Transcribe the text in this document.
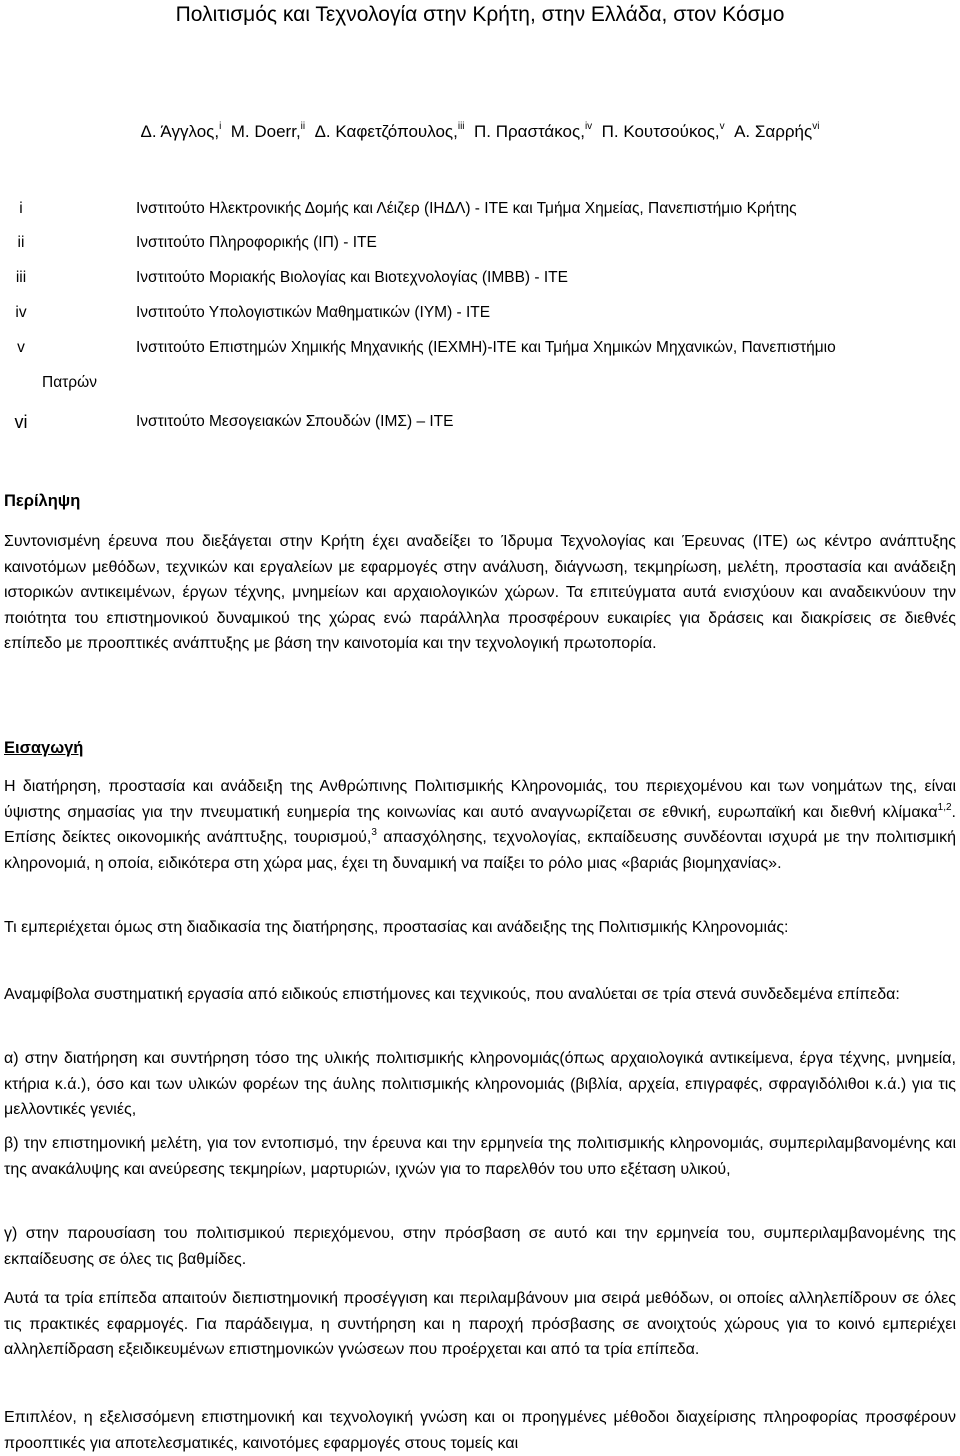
Πολιτισμός και Τεχνολογία στην Κρήτη, στην Ελλάδα, στον Κόσμο
Δ. Άγγλος,$^i$ Μ. Doerr,$^{ii}$ Δ. Καφετζόπουλος,$^{iii}$ Π. Πραστάκος,$^{iv}$ Π. Κουτσούκος,$^v$ Α. Σαρρής$^{vi}$
i	Ινστιτούτο Ηλεκτρονικής Δομής και Λέιζερ (ΙΗΔΛ) - ΙΤΕ και Τμήμα Χημείας, Πανεπιστήμιο Κρήτης
ii	Ινστιτούτο Πληροφορικής (ΙΠ) - ΙΤΕ
iii	Ινστιτούτο Μοριακής Βιολογίας και Βιοτεχνολογίας (ΙΜΒΒ) - ΙΤΕ
iv	Ινστιτούτο Υπολογιστικών Μαθηματικών (ΙΥΜ) - ΙΤΕ
v	Ινστιτούτο Επιστημών Χημικής Μηχανικής (ΙΕΧΜΗ)-ΙΤΕ και Τμήμα Χημικών Μηχανικών, Πανεπιστήμιο
Πατρών
vi	Ινστιτούτο Μεσογειακών Σπουδών (ΙΜΣ) – ΙΤΕ
Περίληψη
Συντονισμένη έρευνα που διεξάγεται στην Κρήτη έχει αναδείξει το Ίδρυμα Τεχνολογίας και Έρευνας (ΙΤΕ) ως κέντρο ανάπτυξης καινοτόμων μεθόδων, τεχνικών και εργαλείων με εφαρμογές στην ανάλυση, διάγνωση, τεκμηρίωση, μελέτη, προστασία και ανάδειξη ιστορικών αντικειμένων, έργων τέχνης, μνημείων και αρχαιολογικών χώρων. Τα επιτεύγματα αυτά ενισχύουν και αναδεικνύουν την ποιότητα του επιστημονικού δυναμικού της χώρας ενώ παράλληλα προσφέρουν ευκαιρίες για δράσεις και διακρίσεις σε διεθνές επίπεδο με προοπτικές ανάπτυξης με βάση την καινοτομία και την τεχνολογική πρωτοπορία.
Εισαγωγή
Η διατήρηση, προστασία και ανάδειξη της Ανθρώπινης Πολιτισμικής Κληρονομιάς, του περιεχομένου και των νοημάτων της, είναι ύψιστης σημασίας για την πνευματική ευημερία της κοινωνίας και αυτό αναγνωρίζεται σε εθνική, ευρωπαϊκή και διεθνή κλίμακα$^{1,2}$. Επίσης δείκτες οικονομικής ανάπτυξης, τουρισμού,$^3$ απασχόλησης, τεχνολογίας, εκπαίδευσης συνδέονται ισχυρά με την πολιτισμική κληρονομιά, η οποία, ειδικότερα στη χώρα μας, έχει τη δυναμική να παίξει το ρόλο μιας «βαριάς βιομηχανίας».
Τι εμπεριέχεται όμως στη διαδικασία της διατήρησης, προστασίας και ανάδειξης της Πολιτισμικής Κληρονομιάς:
Αναμφίβολα συστηματική εργασία από ειδικούς επιστήμονες και τεχνικούς, που αναλύεται σε τρία στενά συνδεδεμένα επίπεδα:
α) στην διατήρηση και συντήρηση τόσο της υλικής πολιτισμικής κληρονομιάς(όπως αρχαιολογικά αντικείμενα, έργα τέχνης, μνημεία, κτήρια κ.ά.), όσο και των υλικών φορέων της άυλης πολιτισμικής κληρονομιάς (βιβλία, αρχεία, επιγραφές, σφραγιδόλιθοι κ.ά.) για τις μελλοντικές γενιές,
β) την επιστημονική μελέτη, για τον εντοπισμό, την έρευνα και την ερμηνεία της πολιτισμικής κληρονομιάς, συμπεριλαμβανομένης και της ανακάλυψης και ανεύρεσης τεκμηρίων, μαρτυριών, ιχνών για το παρελθόν του υπο εξέταση υλικού,
γ) στην παρουσίαση του πολιτισμικού περιεχόμενου, στην πρόσβαση σε αυτό και την ερμηνεία του, συμπεριλαμβανομένης της εκπαίδευσης σε όλες τις βαθμίδες.
Αυτά τα τρία επίπεδα απαιτούν διεπιστημονική προσέγγιση και περιλαμβάνουν μια σειρά μεθόδων, οι οποίες αλληλεπίδρουν σε όλες τις πρακτικές εφαρμογές. Για παράδειγμα, η συντήρηση και η παροχή πρόσβασης σε ανοιχτούς χώρους για το κοινό εμπεριέχει αλληλεπίδραση εξειδικευμένων επιστημονικών γνώσεων που προέρχεται και από τα τρία επίπεδα.
Επιπλέον, η εξελισσόμενη επιστημονική και τεχνολογική γνώση και οι προηγμένες μέθοδοι διαχείρισης πληροφορίας προσφέρουν προοπτικές για αποτελεσματικές, καινοτόμες εφαρμογές στους τομείς και
